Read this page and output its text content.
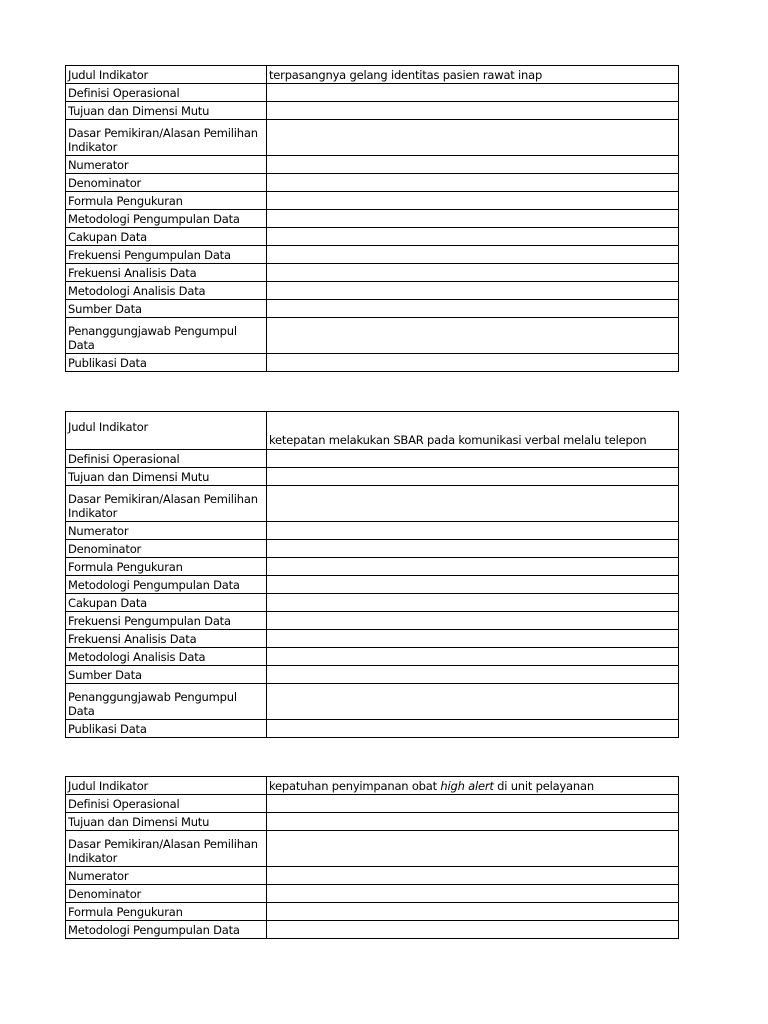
Judul Indikator	terpasangnya gelang identitas pasien rawat inap
Definisi Operasional	
Tujuan dan Dimensi Mutu	
Dasar Pemikiran/Alasan Pemilihan Indikator	
Numerator	
Denominator	
Formula Pengukuran	
Metodologi Pengumpulan Data	
Cakupan Data	
Frekuensi Pengumpulan Data	
Frekuensi Analisis Data	
Metodologi Analisis Data	
Sumber Data	
Penanggungjawab Pengumpul Data	
Publikasi Data	
Judul Indikator	ketepatan melakukan SBAR pada komunikasi verbal melalu telepon
Definisi Operasional	
Tujuan dan Dimensi Mutu	
Dasar Pemikiran/Alasan Pemilihan Indikator	
Numerator	
Denominator	
Formula Pengukuran	
Metodologi Pengumpulan Data	
Cakupan Data	
Frekuensi Pengumpulan Data	
Frekuensi Analisis Data	
Metodologi Analisis Data	
Sumber Data	
Penanggungjawab Pengumpul Data	
Publikasi Data	
Judul Indikator	kepatuhan penyimpanan obat high alert di unit pelayanan
Definisi Operasional	
Tujuan dan Dimensi Mutu	
Dasar Pemikiran/Alasan Pemilihan Indikator	
Numerator	
Denominator	
Formula Pengukuran	
Metodologi Pengumpulan Data	
